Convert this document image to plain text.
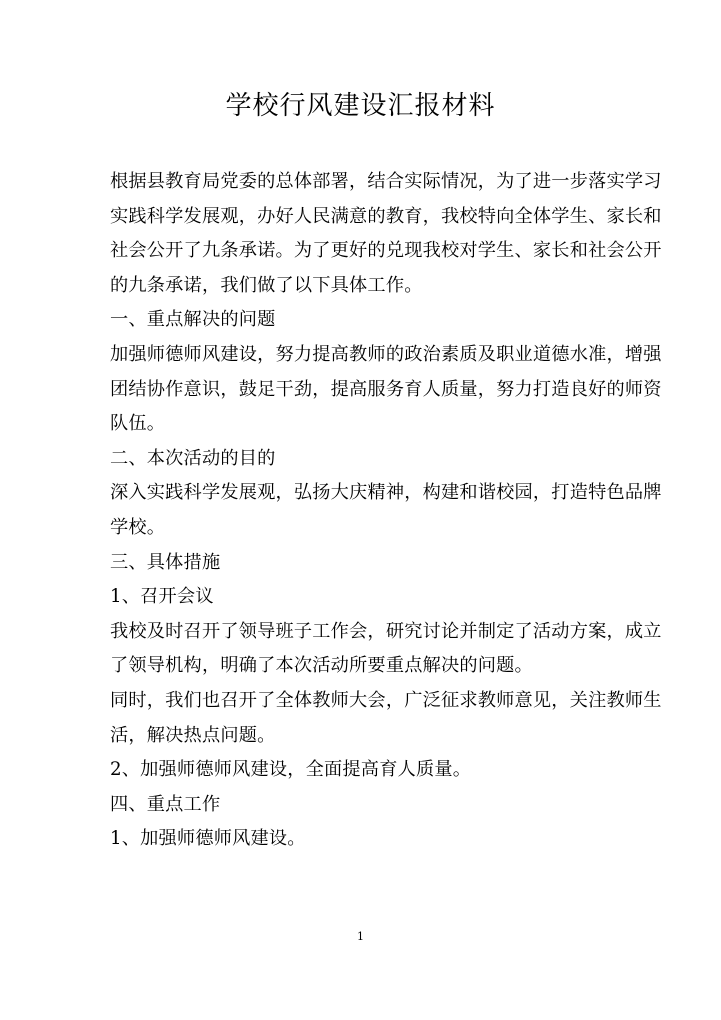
学校行风建设汇报材料
根据县教育局党委的总体部署，结合实际情况，为了进一步落实学习
实践科学发展观，办好人民满意的教育，我校特向全体学生、家长和
社会公开了九条承诺。为了更好的兑现我校对学生、家长和社会公开
的九条承诺，我们做了以下具体工作。
一、重点解决的问题
加强师德师风建设，努力提高教师的政治素质及职业道德水准，增强
团结协作意识，鼓足干劲，提高服务育人质量，努力打造良好的师资
队伍。
二、本次活动的目的
深入实践科学发展观，弘扬大庆精神，构建和谐校园，打造特色品牌
学校。
三、具体措施
1、召开会议
我校及时召开了领导班子工作会，研究讨论并制定了活动方案，成立
了领导机构，明确了本次活动所要重点解决的问题。
同时，我们也召开了全体教师大会，广泛征求教师意见，关注教师生
活，解决热点问题。
2、加强师德师风建设，全面提高育人质量。
四、重点工作
1、加强师德师风建设。
1
